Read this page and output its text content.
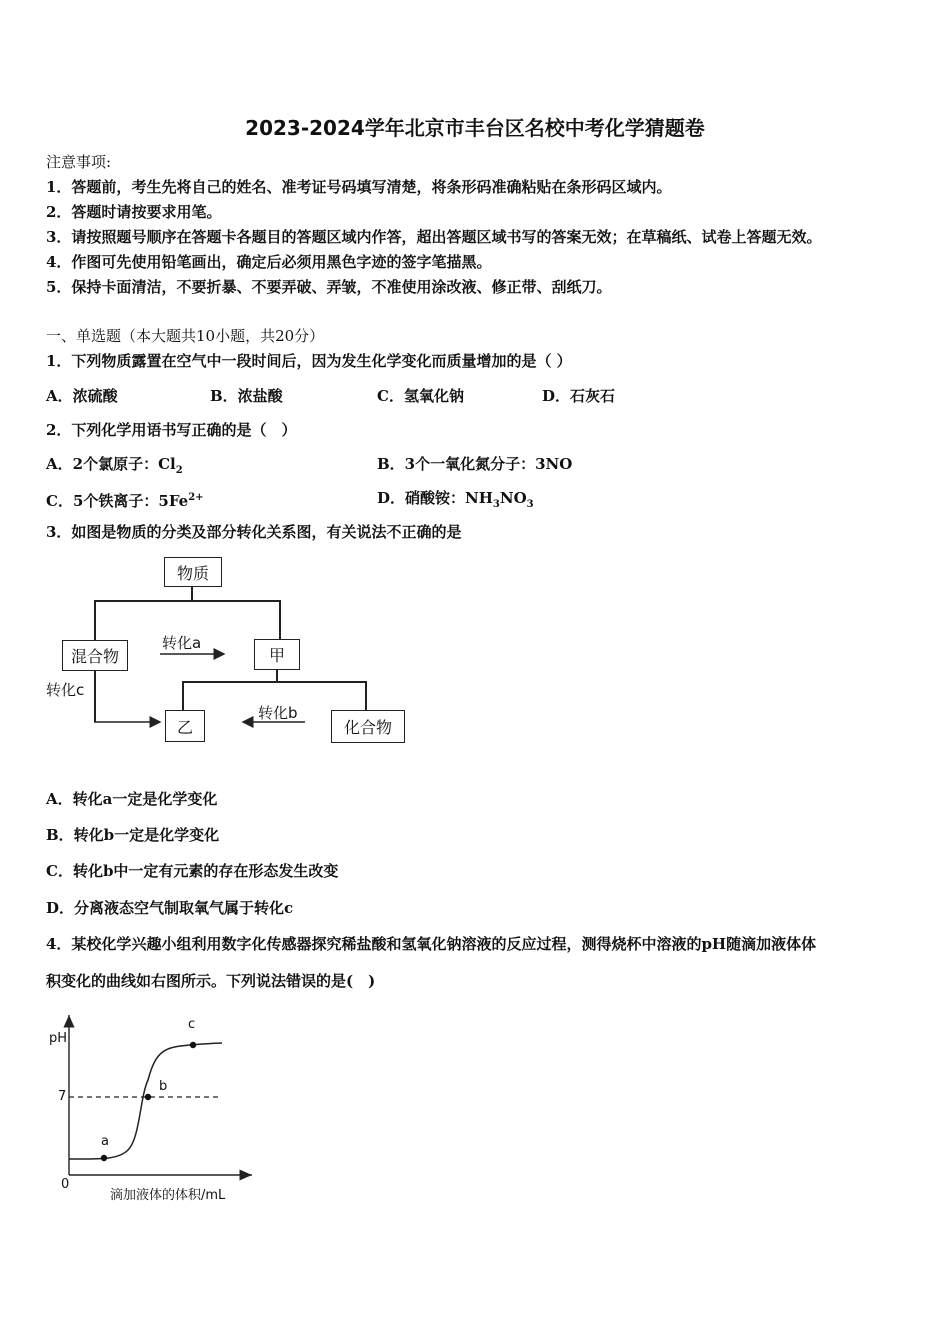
2023-2024学年北京市丰台区名校中考化学猜题卷
注意事项:
1．答题前，考生先将自己的姓名、准考证号码填写清楚，将条形码准确粘贴在条形码区域内。
2．答题时请按要求用笔。
3．请按照题号顺序在答题卡各题目的答题区域内作答，超出答题区域书写的答案无效；在草稿纸、试卷上答题无效。
4．作图可先使用铅笔画出，确定后必须用黑色字迹的签字笔描黑。
5．保持卡面清洁，不要折暴、不要弄破、弄皱，不准使用涂改液、修正带、刮纸刀。
一、单选题（本大题共10小题，共20分）
1．下列物质露置在空气中一段时间后，因为发生化学变化而质量增加的是（ ）
A．浓硫酸	B．浓盐酸	C．氢氧化钠	D．石灰石
2．下列化学用语书写正确的是（　）
A．2个氯原子：$Cl_2$	B．3个一氧化氮分子：3NO
C．5个铁离子：$5Fe^{2+}$	D．硝酸铵：$NH_3NO_3$
3．如图是物质的分类及部分转化关系图，有关说法不正确的是
物质
混合物	甲
转化a
转化c
乙	化合物
转化b
A．转化a一定是化学变化
B．转化b一定是化学变化
C．转化b中一定有元素的存在形态发生改变
D．分离液态空气制取氧气属于转化c
4．某校化学兴趣小组利用数字化传感器探究稀盐酸和氢氧化钠溶液的反应过程，测得烧杯中溶液的pH随滴加液体体
积变化的曲线如右图所示。下列说法错误的是(　)
pH
7
0
滴加液体的体积/mL
a
b
c
